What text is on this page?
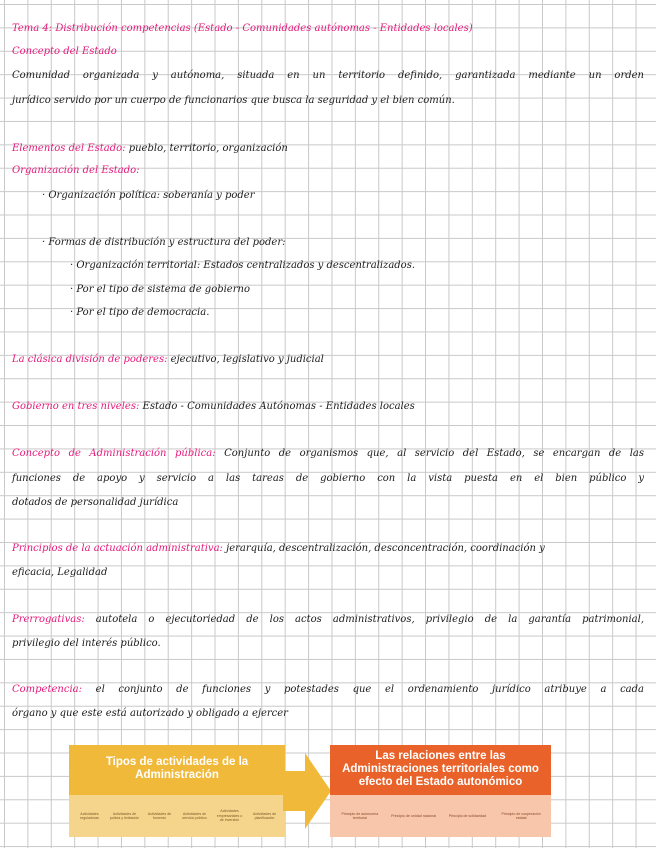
Tema 4: Distribución competencias (Estado - Comunidades autónomas - Entidades locales)
Concepto del Estado
Comunidad organizada y autónoma, situada en un territorio definido, garantizada mediante un orden
jurídico servido por un cuerpo de funcionarios que busca la seguridad y el bien común.
Elementos del Estado: pueblo, territorio, organización
Organización del Estado:
· Organización política: soberanía y poder
· Formas de distribución y estructura del poder:
· Organización territorial: Estados centralizados y descentralizados.
· Por el tipo de sistema de gobierno
· Por el tipo de democracia.
La clásica división de poderes: ejecutivo, legislativo y judicial
Gobierno en tres niveles: Estado - Comunidades Autónomas - Entidades locales
Concepto de Administración pública: Conjunto de organismos que, al servicio del Estado, se encargan de las
funciones de apoyo y servicio a las tareas de gobierno con la vista puesta en el bien público y
dotados de personalidad jurídica
Principios de la actuación administrativa: jerarquía, descentralización, desconcentración, coordinación y
eficacia, Legalidad
Prerrogativas: autotela o ejecutoriedad de los actos administrativos, privilegio de la garantía patrimonial,
privilegio del interés público.
Competencia: el conjunto de funciones y potestades que el ordenamiento jurídico atribuye a cada
órgano y que este está autorizado y obligado a ejercer
Tipos de actividades de la Administración
Actividades reguladoras
Actividades de policía y limitación
Actividades de fomento
Actividades de servicio público
Actividades empresariales o de inversión
Actividades de planificación
Las relaciones entre las Administraciones territoriales como efecto del Estado autonómico
Principio de autonomía territorial
Principio de unidad nacional	Principio de solidaridad
Principio de cooperación estatal
